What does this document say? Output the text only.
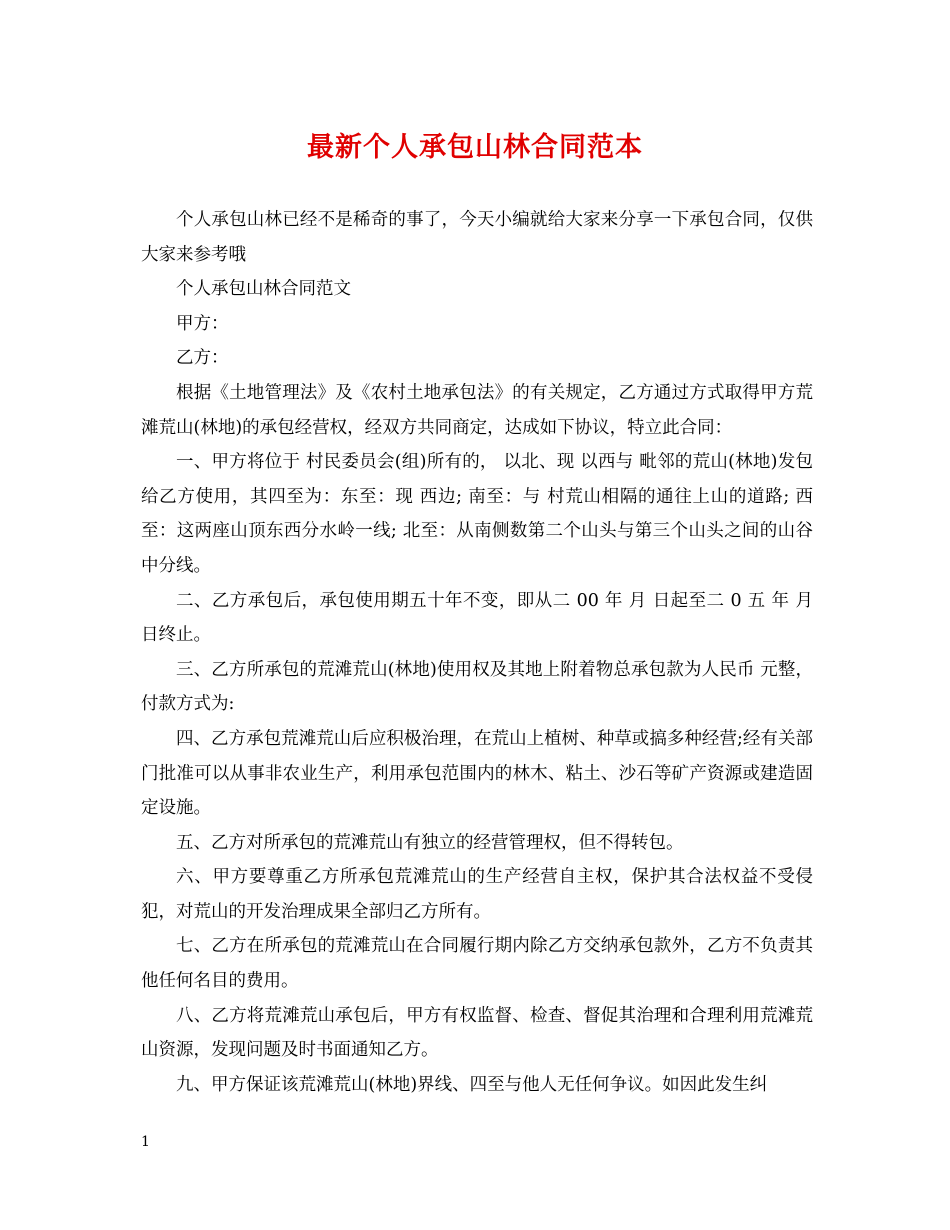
最新个人承包山林合同范本

个人承包山林已经不是稀奇的事了，今天小编就给大家来分享一下承包合同，仅供大家来参考哦

个人承包山林合同范文

甲方：

乙方：

根据《土地管理法》及《农村土地承包法》的有关规定，乙方通过方式取得甲方荒滩荒山(林地)的承包经营权，经双方共同商定，达成如下协议，特立此合同：

一、甲方将位于 村民委员会(组)所有的， 以北、现 以西与 毗邻的荒山(林地)发包给乙方使用，其四至为：东至：现 西边; 南至：与 村荒山相隔的通往上山的道路; 西至：这两座山顶东西分水岭一线; 北至：从南侧数第二个山头与第三个山头之间的山谷中分线。

二、乙方承包后，承包使用期五十年不变，即从二 00 年 月 日起至二 0 五 年 月 日终止。

三、乙方所承包的荒滩荒山(林地)使用权及其地上附着物总承包款为人民币 元整，付款方式为:

四、乙方承包荒滩荒山后应积极治理，在荒山上植树、种草或搞多种经营;经有关部门批准可以从事非农业生产，利用承包范围内的林木、粘土、沙石等矿产资源或建造固定设施。

五、乙方对所承包的荒滩荒山有独立的经营管理权，但不得转包。

六、甲方要尊重乙方所承包荒滩荒山的生产经营自主权，保护其合法权益不受侵犯，对荒山的开发治理成果全部归乙方所有。

七、乙方在所承包的荒滩荒山在合同履行期内除乙方交纳承包款外，乙方不负责其他任何名目的费用。

八、乙方将荒滩荒山承包后，甲方有权监督、检查、督促其治理和合理利用荒滩荒山资源，发现问题及时书面通知乙方。

九、甲方保证该荒滩荒山(林地)界线、四至与他人无任何争议。如因此发生纠

1
